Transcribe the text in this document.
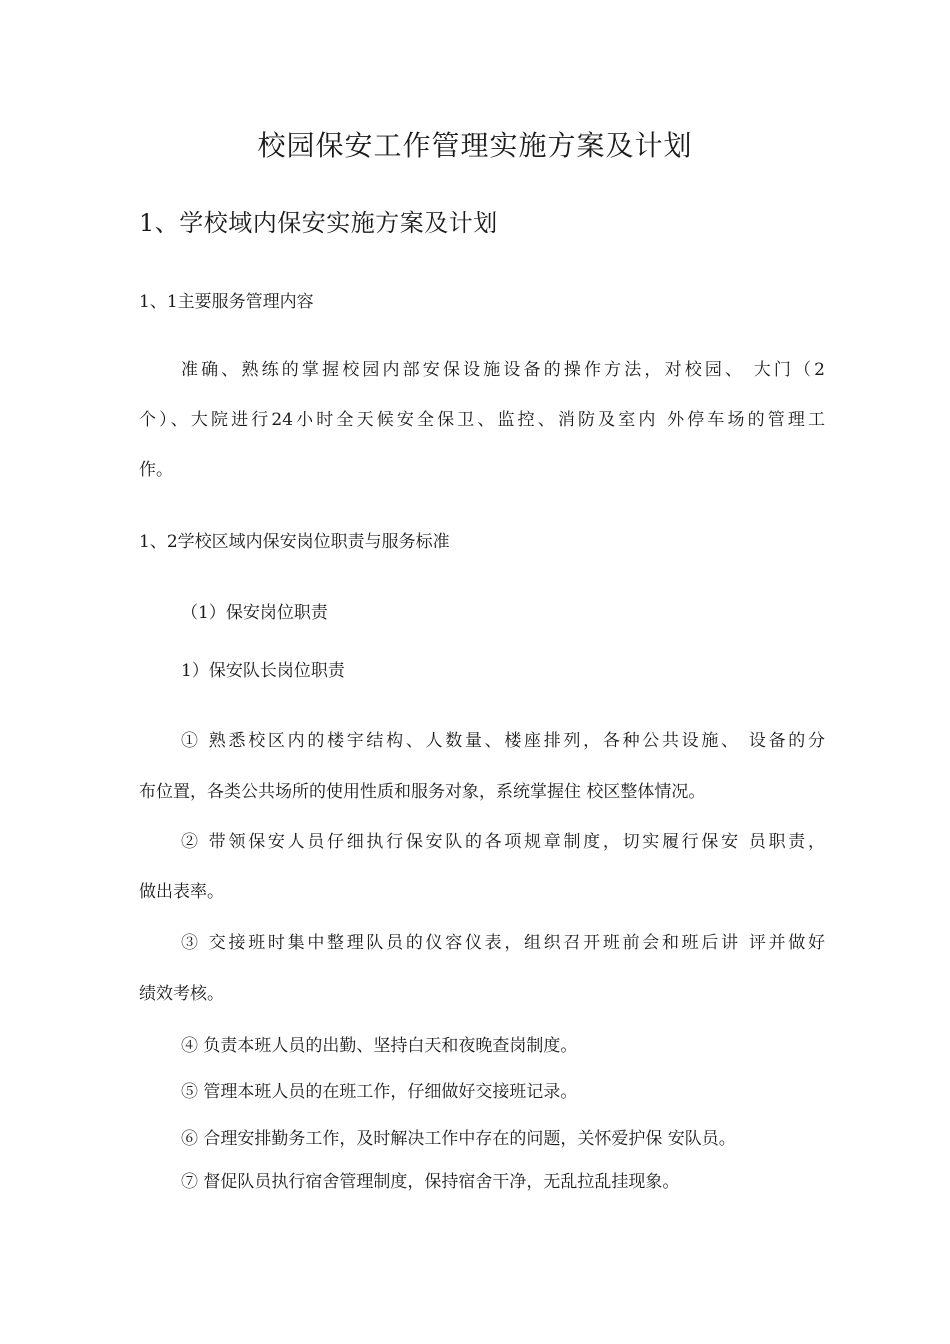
校园保安工作管理实施方案及计划
1、学校域内保安实施方案及计划
1、1主要服务管理内容
准确、熟练的掌握校园内部安保设施设备的操作方法，对校园、 大门（2
个）、大院进行24小时全天候安全保卫、监控、消防及室内 外停车场的管理工
作。
1、2学校区域内保安岗位职责与服务标准
（1）保安岗位职责
1）保安队长岗位职责
① 熟悉校区内的楼宇结构、人数量、楼座排列，各种公共设施、 设备的分
布位置，各类公共场所的使用性质和服务对象，系统掌握住 校区整体情况。
② 带领保安人员仔细执行保安队的各项规章制度，切实履行保安 员职责，
做出表率。
③ 交接班时集中整理队员的仪容仪表，组织召开班前会和班后讲 评并做好
绩效考核。
④ 负责本班人员的出勤、坚持白天和夜晚查岗制度。
⑤ 管理本班人员的在班工作，仔细做好交接班记录。
⑥ 合理安排勤务工作，及时解决工作中存在的问题，关怀爱护保 安队员。
⑦ 督促队员执行宿舍管理制度，保持宿舍干净，无乱拉乱挂现象。
